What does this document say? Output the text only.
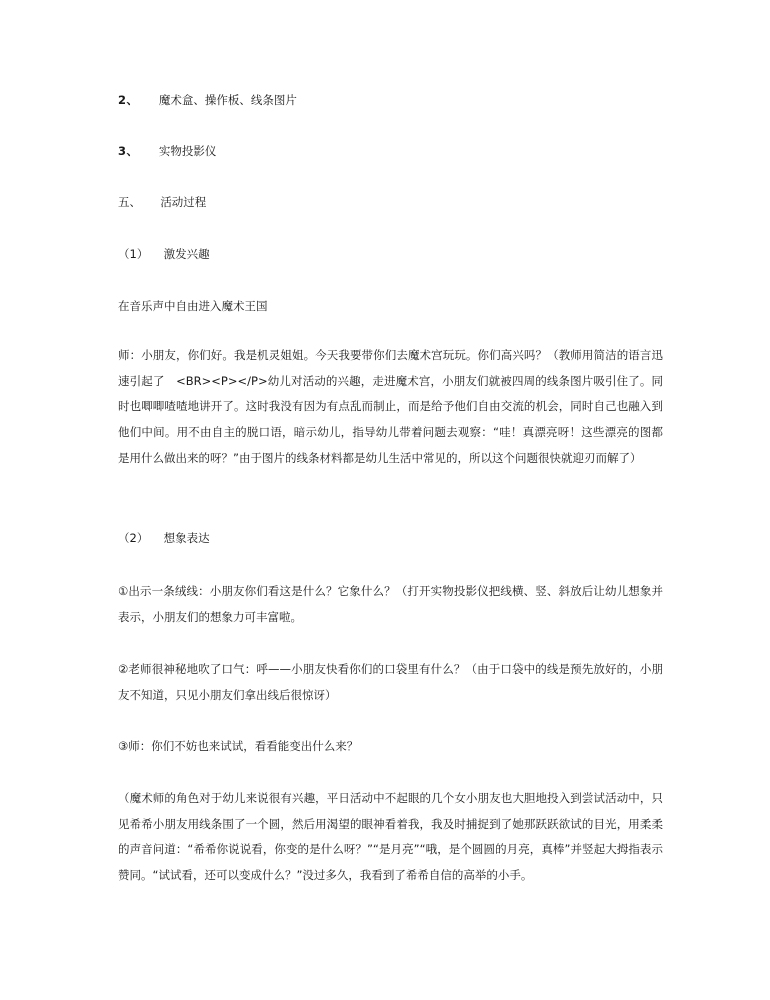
2、 魔术盒、操作板、线条图片
3、 实物投影仪
五、 活动过程
（1） 激发兴趣
在音乐声中自由进入魔术王国
师：小朋友，你们好。我是机灵姐姐。今天我要带你们去魔术宫玩玩。你们高兴吗？（教师用简洁的语言迅速引起了　<BR><P></P>幼儿对活动的兴趣，走进魔术宫，小朋友们就被四周的线条图片吸引住了。同时也唧唧喳喳地讲开了。这时我没有因为有点乱而制止，而是给予他们自由交流的机会，同时自己也融入到他们中间。用不由自主的脱口语，暗示幼儿，指导幼儿带着问题去观察：“哇！真漂亮呀！这些漂亮的图都是用什么做出来的呀？”由于图片的线条材料都是幼儿生活中常见的，所以这个问题很快就迎刃而解了）
（2） 想象表达
①出示一条绒线：小朋友你们看这是什么？它象什么？（打开实物投影仪把线横、竖、斜放后让幼儿想象并表示，小朋友们的想象力可丰富啦。
②老师很神秘地吹了口气：呼——小朋友快看你们的口袋里有什么？（由于口袋中的线是预先放好的，小朋友不知道，只见小朋友们拿出线后很惊讶）
③师：你们不妨也来试试，看看能变出什么来？
（魔术师的角色对于幼儿来说很有兴趣，平日活动中不起眼的几个女小朋友也大胆地投入到尝试活动中，只见希希小朋友用线条围了一个圆，然后用渴望的眼神看着我，我及时捕捉到了她那跃跃欲试的目光，用柔柔的声音问道：“希希你说说看，你变的是什么呀？”“是月亮”“哦，是个圆圆的月亮，真棒”并竖起大拇指表示赞同。“试试看，还可以变成什么？”没过多久，我看到了希希自信的高举的小手。
